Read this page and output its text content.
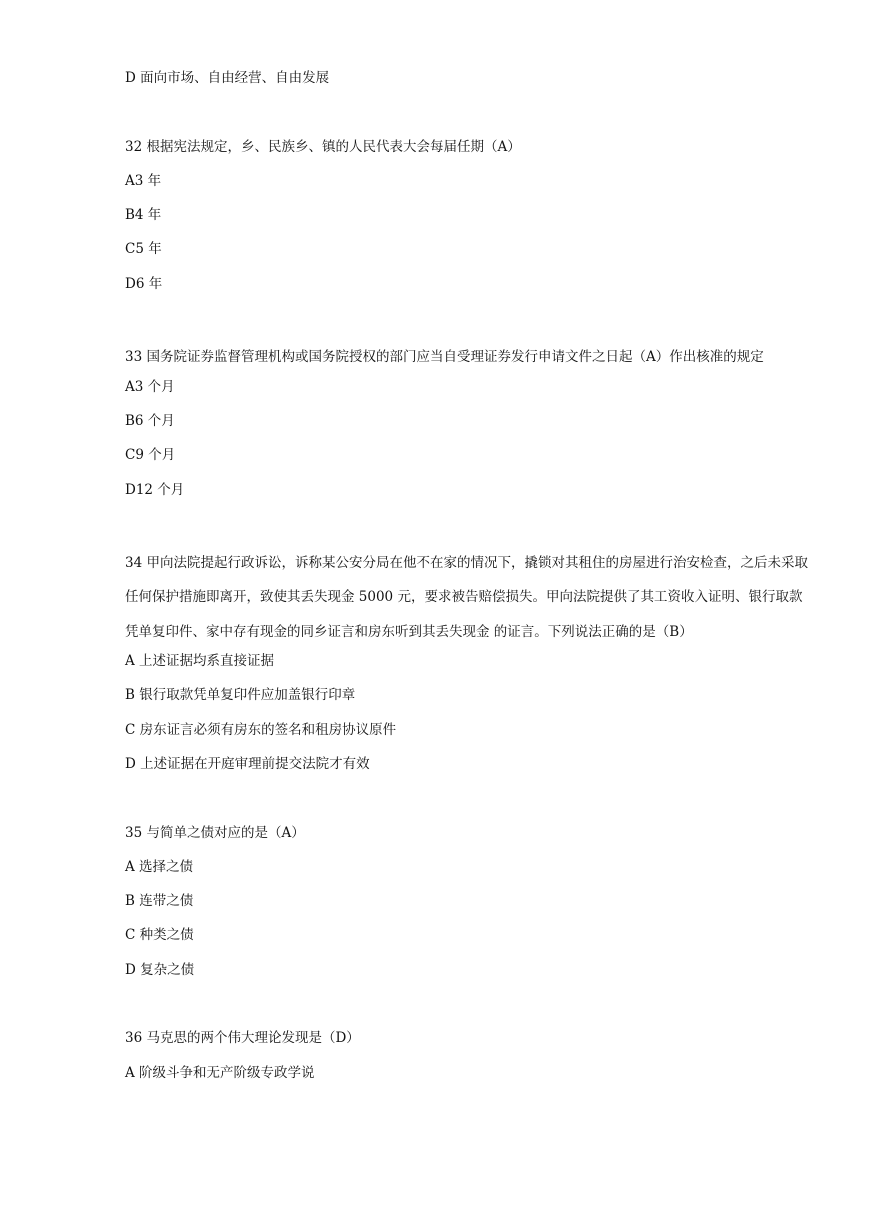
D 面向市场、自由经营、自由发展
32 根据宪法规定，乡、民族乡、镇的人民代表大会每届任期（A）
A3 年
B4 年
C5 年
D6 年
33 国务院证券监督管理机构或国务院授权的部门应当自受理证券发行申请文件之日起（A）作出核准的规定
A3 个月
B6 个月
C9 个月
D12 个月
34 甲向法院提起行政诉讼，诉称某公安分局在他不在家的情况下，撬锁对其租住的房屋进行治安检查，之后未采取任何保护措施即离开，致使其丢失现金 5000 元，要求被告赔偿损失。甲向法院提供了其工资收入证明、银行取款凭单复印件、家中存有现金的同乡证言和房东听到其丢失现金 的证言。下列说法正确的是（B）
A 上述证据均系直接证据
B 银行取款凭单复印件应加盖银行印章
C 房东证言必须有房东的签名和租房协议原件
D 上述证据在开庭审理前提交法院才有效
35 与简单之债对应的是（A）
A 选择之债
B 连带之债
C 种类之债
D 复杂之债
36 马克思的两个伟大理论发现是（D）
A 阶级斗争和无产阶级专政学说
